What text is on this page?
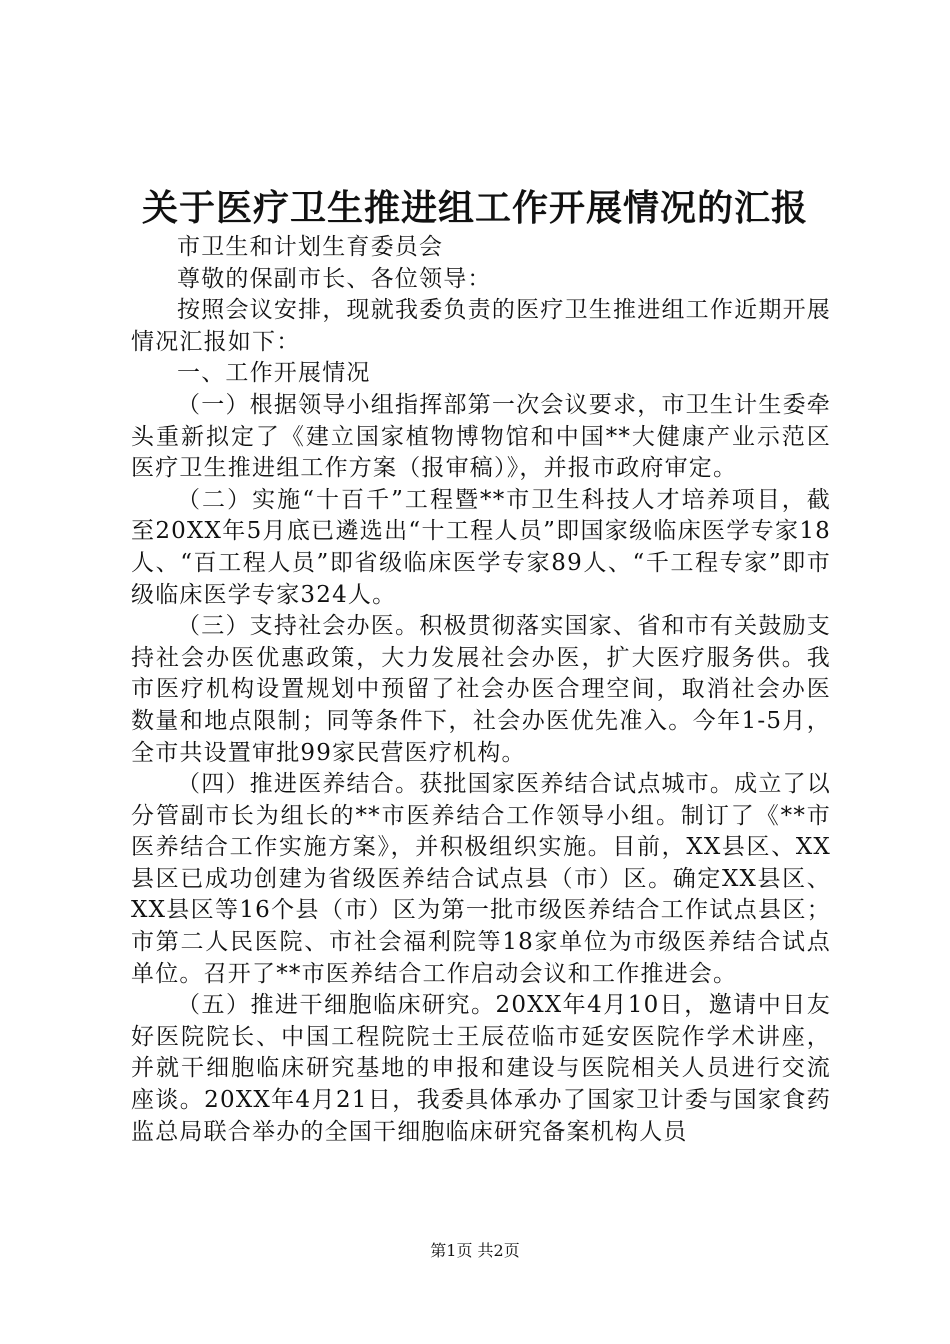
关于医疗卫生推进组工作开展情况的汇报

市卫生和计划生育委员会

尊敬的保副市长、各位领导：

按照会议安排，现就我委负责的医疗卫生推进组工作近期开展情况汇报如下：

一、工作开展情况

（一）根据领导小组指挥部第一次会议要求，市卫生计生委牵头重新拟定了《建立国家植物博物馆和中国**大健康产业示范区医疗卫生推进组工作方案（报审稿）》，并报市政府审定。

（二）实施“十百千”工程暨**市卫生科技人才培养项目，截至20XX年5月底已遴选出“十工程人员”即国家级临床医学专家18人、“百工程人员”即省级临床医学专家89人、“千工程专家”即市级临床医学专家324人。

（三）支持社会办医。积极贯彻落实国家、省和市有关鼓励支持社会办医优惠政策，大力发展社会办医，扩大医疗服务供。我市医疗机构设置规划中预留了社会办医合理空间，取消社会办医数量和地点限制；同等条件下，社会办医优先准入。今年1-5月，全市共设置审批99家民营医疗机构。

（四）推进医养结合。获批国家医养结合试点城市。成立了以分管副市长为组长的**市医养结合工作领导小组。制订了《**市医养结合工作实施方案》，并积极组织实施。目前，XX县区、XX县区已成功创建为省级医养结合试点县（市）区。确定XX县区、XX县区等16个县（市）区为第一批市级医养结合工作试点县区；市第二人民医院、市社会福利院等18家单位为市级医养结合试点单位。召开了**市医养结合工作启动会议和工作推进会。

（五）推进干细胞临床研究。20XX年4月10日，邀请中日友好医院院长、中国工程院院士王辰莅临市延安医院作学术讲座，并就干细胞临床研究基地的申报和建设与医院相关人员进行交流座谈。20XX年4月21日，我委具体承办了国家卫计委与国家食药监总局联合举办的全国干细胞临床研究备案机构人员

第1页 共2页
